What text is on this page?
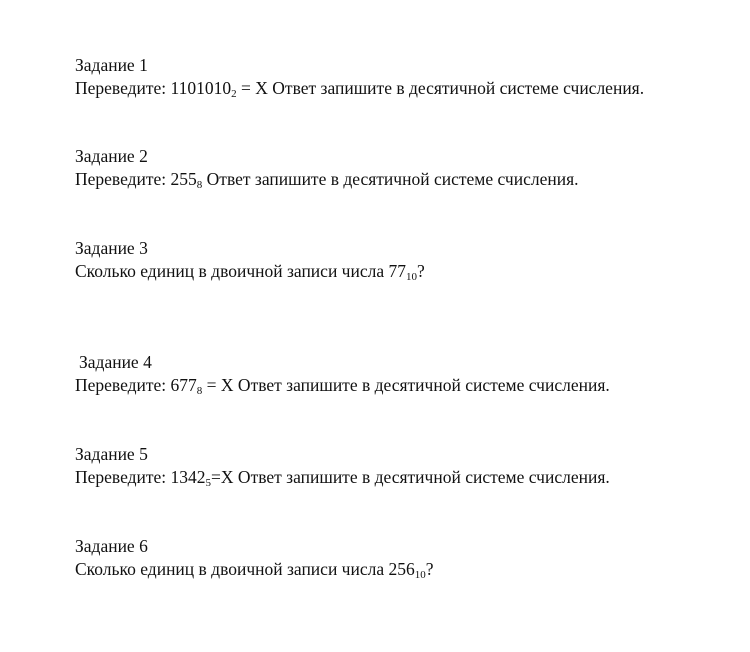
Задание 1
Переведите: $1101010_2 = X$ Ответ запишите в десятичной системе счисления.
Задание 2
Переведите: $255_8$ Ответ запишите в десятичной системе счисления.
Задание 3
Сколько единиц в двоичной записи числа $77_{10}$?
Задание 4
Переведите: $677_8 = X$ Ответ запишите в десятичной системе счисления.
Задание 5
Переведите: $1342_5=X$ Ответ запишите в десятичной системе счисления.
Задание 6
Сколько единиц в двоичной записи числа $256_{10}$?
